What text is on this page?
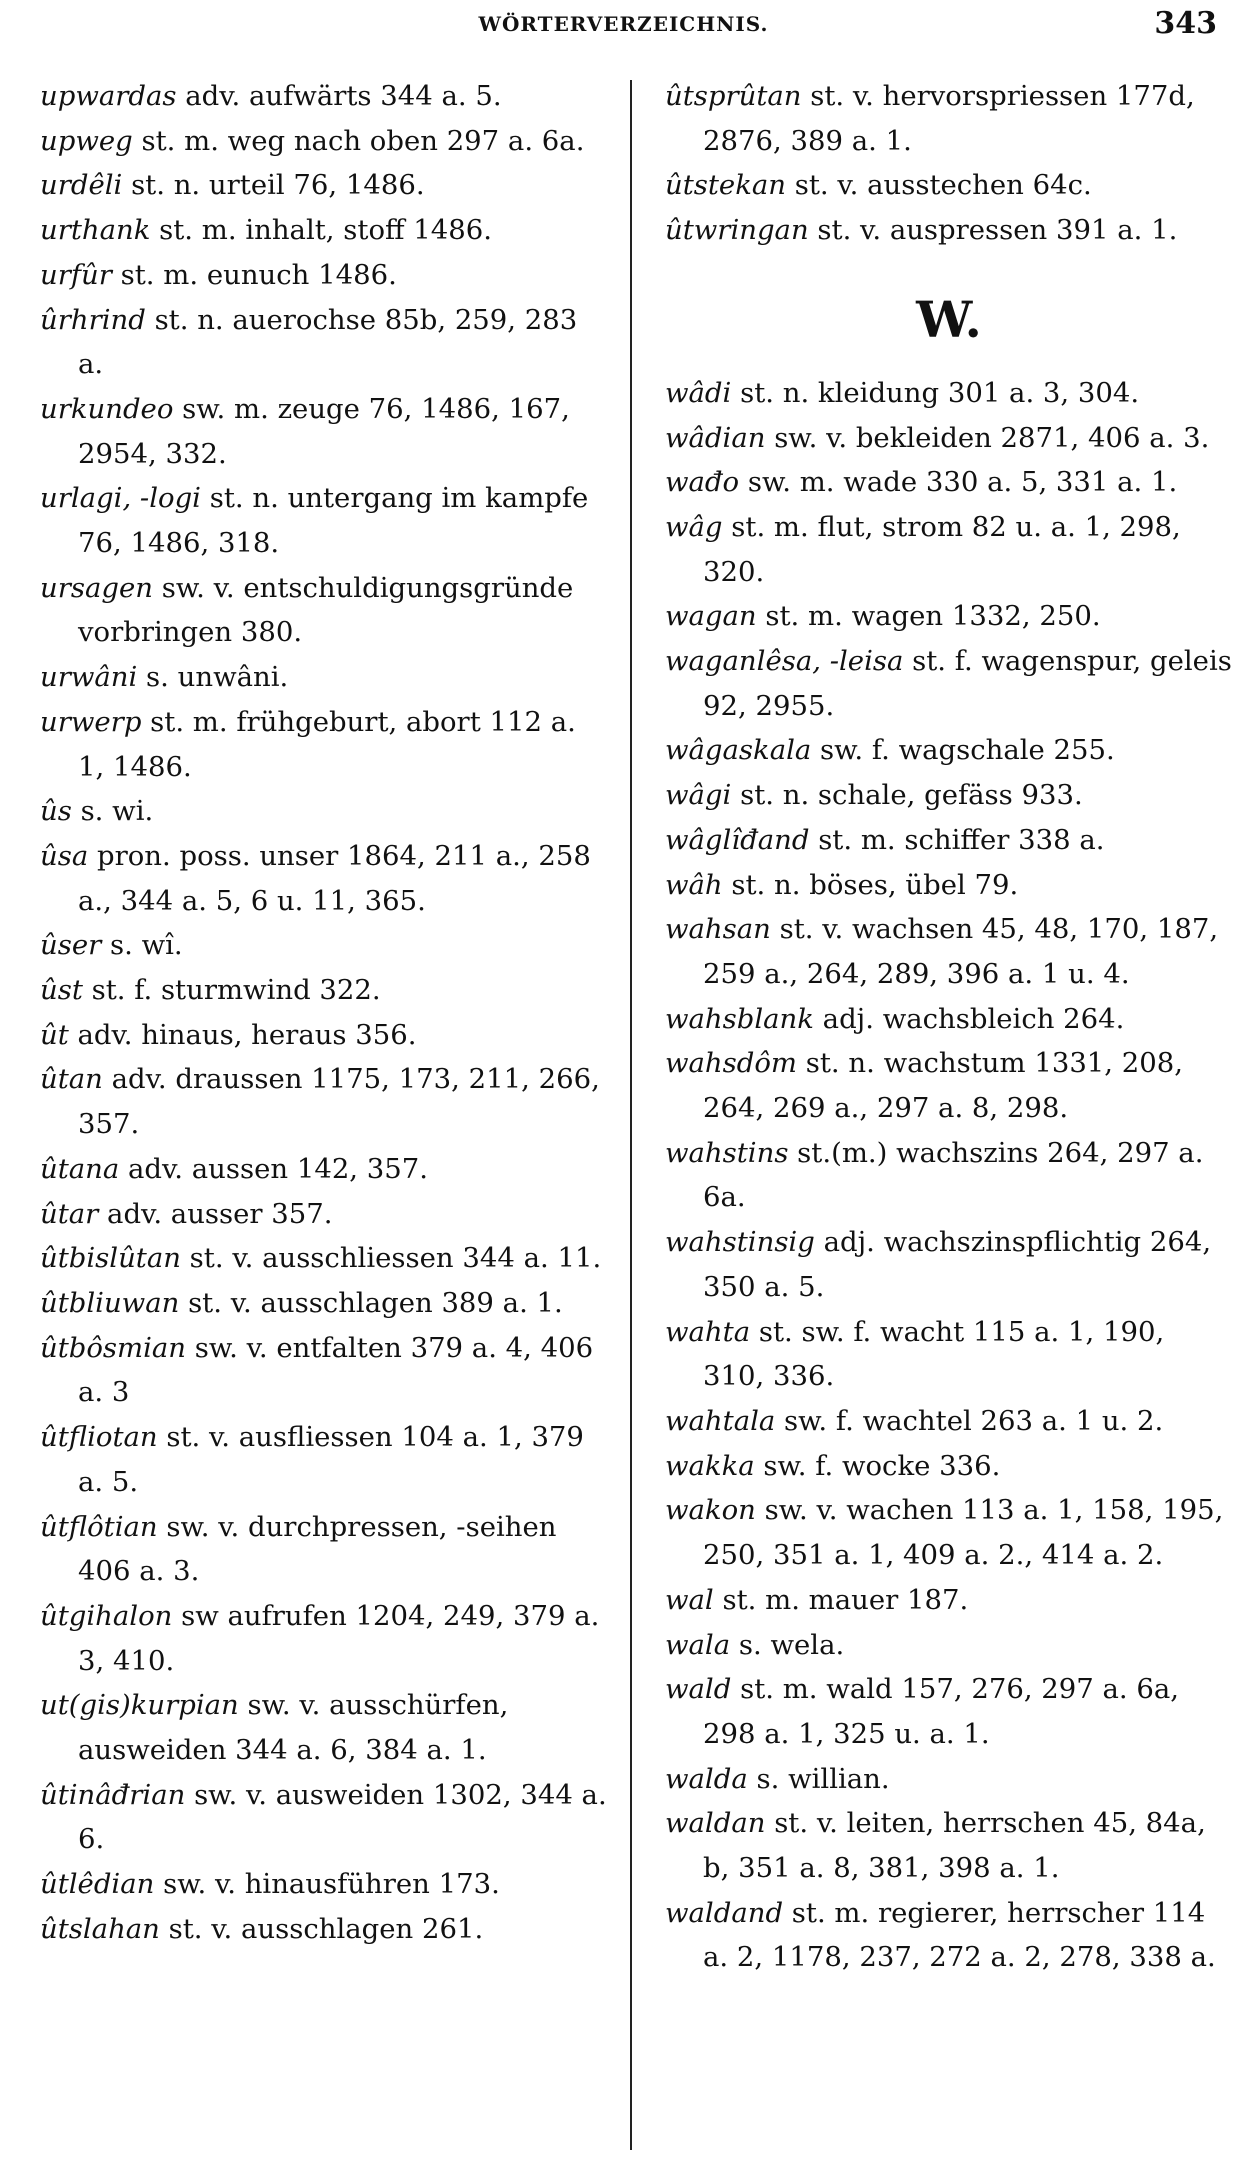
WÖRTERVERZEICHNIS.	343

upwardas adv. aufwärts 344 a. 5.

upweg st. m. weg nach oben 297 a. 6a.

urdêli st. n. urteil 76, 1486.

urthank st. m. inhalt, stoff 1486.

urfûr st. m. eunuch 1486.

ûrhrind st. n. auerochse 85b, 259, 283 a.

urkundeo sw. m. zeuge 76, 1486, 167, 2954, 332.

urlagi, -logi st. n. untergang im kampfe 76, 1486, 318.

ursagen sw. v. entschuldigungsgründe vorbringen 380.

urwâni s. unwâni.

urwerp st. m. frühgeburt, abort 112 a. 1, 1486.

ûs s. wi.

ûsa pron. poss. unser 1864, 211 a., 258 a., 344 a. 5, 6 u. 11, 365.

ûser s. wî.

ûst st. f. sturmwind 322.

ût adv. hinaus, heraus 356.

ûtan adv. draussen 1175, 173, 211, 266, 357.

ûtana adv. aussen 142, 357.

ûtar adv. ausser 357.

ûtbislûtan st. v. ausschliessen 344 a. 11.

ûtbliuwan st. v. ausschlagen 389 a. 1.

ûtbôsmian sw. v. entfalten 379 a. 4, 406 a. 3

ûtfliotan st. v. ausfliessen 104 a. 1, 379 a. 5.

ûtflôtian sw. v. durchpressen, -seihen 406 a. 3.

ûtgihalon sw aufrufen 1204, 249, 379 a. 3, 410.

ut(gis)kurpian sw. v. ausschürfen, ausweiden 344 a. 6, 384 a. 1.

ûtinâđrian sw. v. ausweiden 1302, 344 a. 6.

ûtlêdian sw. v. hinausführen 173.

ûtslahan st. v. ausschlagen 261.

ûtsprûtan st. v. hervorspriessen 177d, 2876, 389 a. 1.

ûtstekan st. v. ausstechen 64c.

ûtwringan st. v. auspressen 391 a. 1.

W.

wâdi st. n. kleidung 301 a. 3, 304.

wâdian sw. v. bekleiden 2871, 406 a. 3.

wađo sw. m. wade 330 a. 5, 331 a. 1.

wâg st. m. flut, strom 82 u. a. 1, 298, 320.

wagan st. m. wagen 1332, 250.

waganlêsa, -leisa st. f. wagenspur, geleis 92, 2955.

wâgaskala sw. f. wagschale 255.

wâgi st. n. schale, gefäss 933.

wâglîđand st. m. schiffer 338 a.

wâh st. n. böses, übel 79.

wahsan st. v. wachsen 45, 48, 170, 187, 259 a., 264, 289, 396 a. 1 u. 4.

wahsblank adj. wachsbleich 264.

wahsdôm st. n. wachstum 1331, 208, 264, 269 a., 297 a. 8, 298.

wahstins st.(m.) wachszins 264, 297 a. 6a.

wahstinsig adj. wachszinspflichtig 264, 350 a. 5.

wahta st. sw. f. wacht 115 a. 1, 190, 310, 336.

wahtala sw. f. wachtel 263 a. 1 u. 2.

wakka sw. f. wocke 336.

wakon sw. v. wachen 113 a. 1, 158, 195, 250, 351 a. 1, 409 a. 2., 414 a. 2.

wal st. m. mauer 187.

wala s. wela.

wald st. m. wald 157, 276, 297 a. 6a, 298 a. 1, 325 u. a. 1.

walda s. willian.

waldan st. v. leiten, herrschen 45, 84a, b, 351 a. 8, 381, 398 a. 1.

waldand st. m. regierer, herrscher 114 a. 2, 1178, 237, 272 a. 2, 278, 338 a.
